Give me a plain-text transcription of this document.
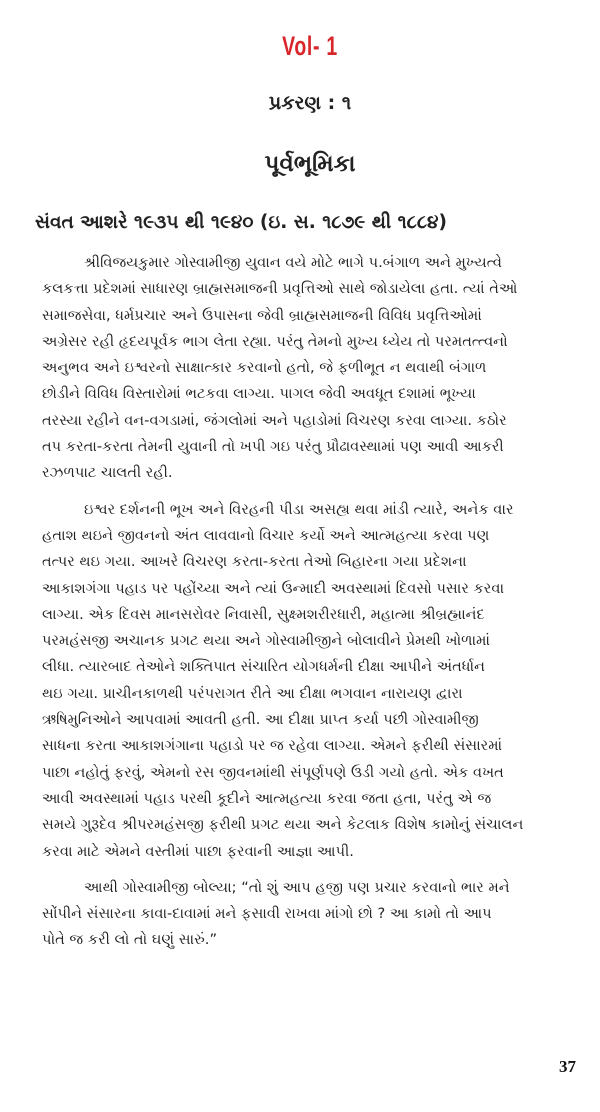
Vol- 1
પ્રકરણ : ૧
પૂર્વભૂમિકા
સંવત આશરે ૧૯૩૫ થી ૧૯૪૦ (ઇ. સ. ૧૮૭૯ થી ૧૮૮૪)
શ્રીવિજયકુમાર ગોસ્વામીજી યુવાન વયે મોટે ભાગે પ.બંગાળ અને મુખ્યત્વે
કલકત્તા પ્રદેશમાં સાધારણ બ્રાહ્મસમાજની પ્રવૃત્તિઓ સાથે જોડાયેલા હતા. ત્યાં તેઓ
સમાજસેવા, ધર્મપ્રચાર અને ઉપાસના જેવી બ્રાહ્મસમાજની વિવિધ પ્રવૃત્તિઓમાં
અગ્રેસર રહી હૃદયપૂર્વક ભાગ લેતા રહ્યા. પરંતુ તેમનો મુખ્ય ધ્યેય તો પરમતત્ત્વનો
અનુભવ અને ઇશ્વરનો સાક્ષાત્કાર કરવાનો હતો, જે ફળીભૂત ન થવાથી બંગાળ
છોડીને વિવિધ વિસ્તારોમાં ભટકવા લાગ્યા. પાગલ જેવી અવધૂત દશામાં ભૂખ્યા
તરસ્યા રહીને વન-વગડામાં, જંગલોમાં અને પહાડોમાં વિચરણ કરવા લાગ્યા. કઠોર
તપ કરતા-કરતા તેમની યુવાની તો ખપી ગઇ પરંતુ પ્રૌઢાવસ્થામાં પણ આવી આકરી
રઝળપાટ ચાલતી રહી.
ઇશ્વર દર્શનની ભૂખ અને વિરહની પીડા અસહ્ય થવા માંડી ત્યારે, અનેક વાર
હતાશ થઇને જીવનનો અંત લાવવાનો વિચાર કર્યો અને આત્મહત્યા કરવા પણ
તત્પર થઇ ગયા. આખરે વિચરણ કરતા-કરતા તેઓ બિહારના ગયા પ્રદેશના
આકાશગંગા પહાડ પર પહોંચ્યા અને ત્યાં ઉન્માદી અવસ્થામાં દિવસો પસાર કરવા
લાગ્યા. એક દિવસ માનસરોવર નિવાસી, સુક્ષ્મશરીરધારી, મહાત્મા શ્રીબ્રહ્માનંદ
પરમહંસજી અચાનક પ્રગટ થયા અને ગોસ્વામીજીને બોલાવીને પ્રેમથી ખોળામાં
લીધા. ત્યારબાદ તેઓને શક્તિપાત સંચારિત યોગધર્મની દીક્ષા આપીને અંતર્ધાન
થઇ ગયા. પ્રાચીનકાળથી પરંપરાગત રીતે આ દીક્ષા ભગવાન નારાયણ દ્વારા
ઋષિમુનિઓને આપવામાં આવતી હતી. આ દીક્ષા પ્રાપ્ત કર્યા પછી ગોસ્વામીજી
સાધના કરતા આકાશગંગાના પહાડો પર જ રહેવા લાગ્યા. એમને ફરીથી સંસારમાં
પાછા નહોતું ફરવું, એમનો રસ જીવનમાંથી સંપૂર્ણપણે ઉડી ગયો હતો. એક વખત
આવી અવસ્થામાં પહાડ પરથી કૂદીને આત્મહત્યા કરવા જતા હતા, પરંતુ એ જ
સમયે ગુરૂદેવ શ્રીપરમહંસજી ફરીથી પ્રગટ થયા અને કેટલાક વિશેષ કામોનું સંચાલન
કરવા માટે એમને વસ્તીમાં પાછા ફરવાની આજ્ઞા આપી.
આથી ગોસ્વામીજી બોલ્યા; “તો શું આપ હજી પણ પ્રચાર કરવાનો ભાર મને
સોંપીને સંસારના કાવા-દાવામાં મને ફસાવી રાખવા માંગો છો ? આ કામો તો આપ
પોતે જ કરી લો તો ઘણું સારું.”
37
